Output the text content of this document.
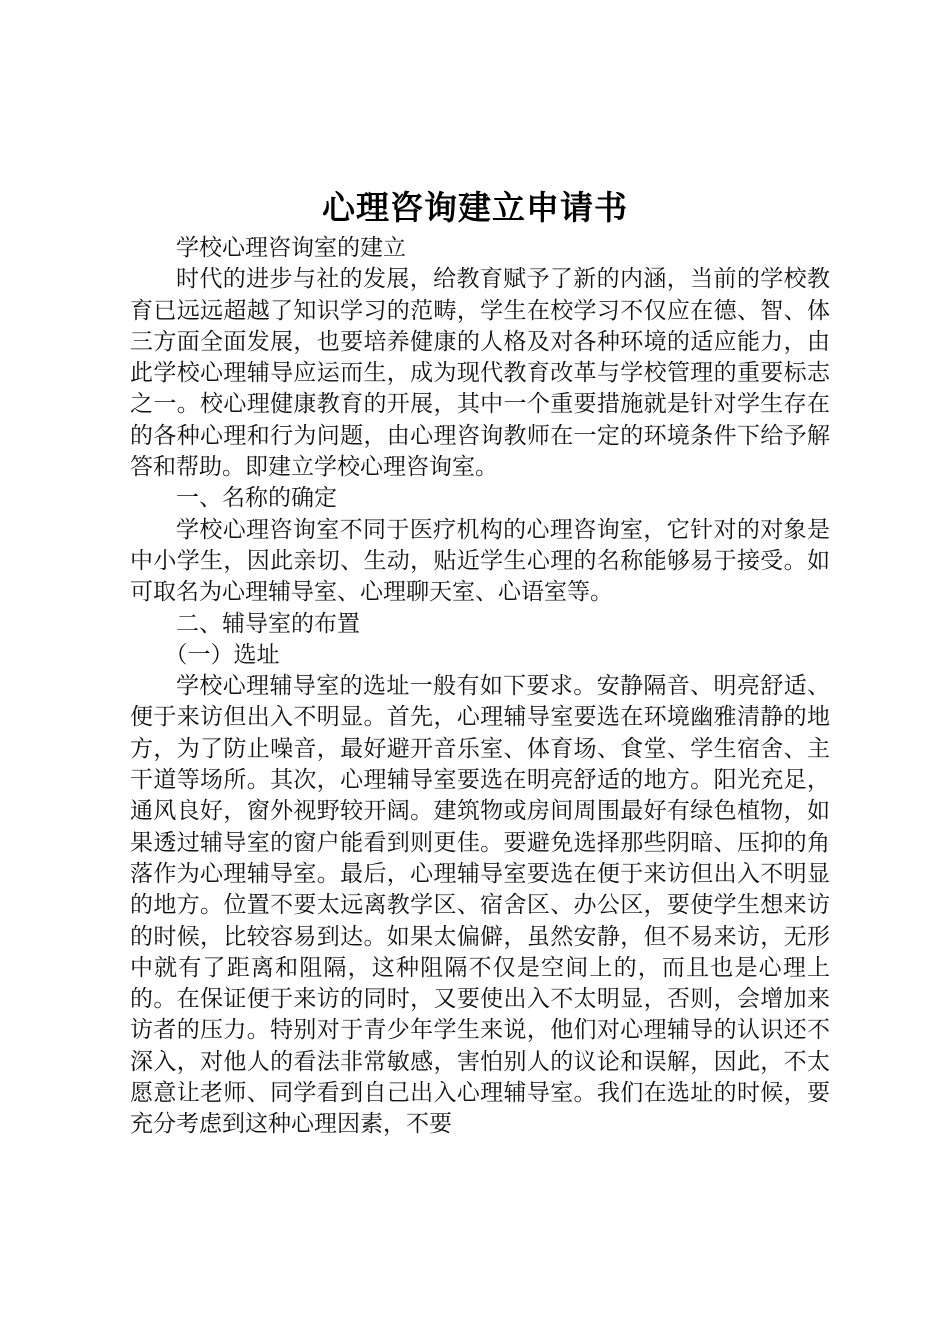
心理咨询建立申请书

学校心理咨询室的建立

时代的进步与社的发展，给教育赋予了新的内涵，当前的学校教育已远远超越了知识学习的范畴，学生在校学习不仅应在德、智、体三方面全面发展，也要培养健康的人格及对各种环境的适应能力，由此学校心理辅导应运而生，成为现代教育改革与学校管理的重要标志之一。校心理健康教育的开展，其中一个重要措施就是针对学生存在的各种心理和行为问题，由心理咨询教师在一定的环境条件下给予解答和帮助。即建立学校心理咨询室。

一、名称的确定

学校心理咨询室不同于医疗机构的心理咨询室，它针对的对象是中小学生，因此亲切、生动，贴近学生心理的名称能够易于接受。如可取名为心理辅导室、心理聊天室、心语室等。

二、辅导室的布置

（一）选址

学校心理辅导室的选址一般有如下要求。安静隔音、明亮舒适、便于来访但出入不明显。首先，心理辅导室要选在环境幽雅清静的地方，为了防止噪音，最好避开音乐室、体育场、食堂、学生宿舍、主干道等场所。其次，心理辅导室要选在明亮舒适的地方。阳光充足，通风良好，窗外视野较开阔。建筑物或房间周围最好有绿色植物，如果透过辅导室的窗户能看到则更佳。要避免选择那些阴暗、压抑的角落作为心理辅导室。最后，心理辅导室要选在便于来访但出入不明显的地方。位置不要太远离教学区、宿舍区、办公区，要使学生想来访的时候，比较容易到达。如果太偏僻，虽然安静，但不易来访，无形中就有了距离和阻隔，这种阻隔不仅是空间上的，而且也是心理上的。在保证便于来访的同时，又要使出入不太明显，否则，会增加来访者的压力。特别对于青少年学生来说，他们对心理辅导的认识还不深入，对他人的看法非常敏感，害怕别人的议论和误解，因此，不太愿意让老师、同学看到自己出入心理辅导室。我们在选址的时候，要充分考虑到这种心理因素，不要
